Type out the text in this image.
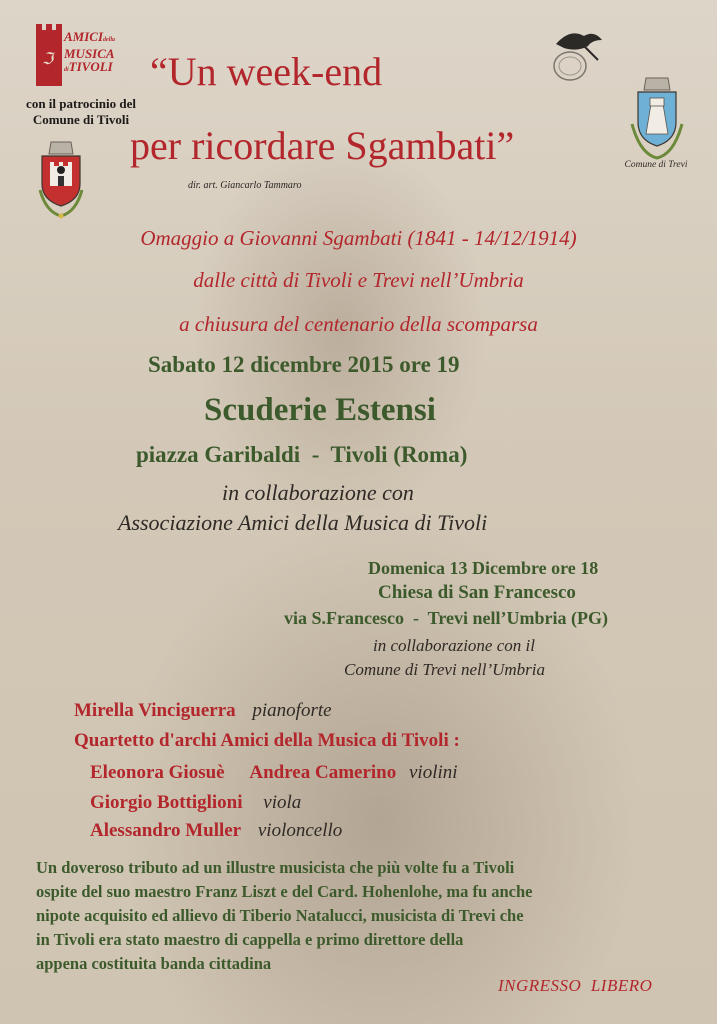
ℑ
AMICIdella
MUSICA
diTIVOLI
con il patrocinio del
Comune di Tivoli
Comune di Trevi
“Un week-end
per ricordare Sgambati”
dir. art. Giancarlo Tammaro
Omaggio a Giovanni Sgambati (1841 - 14/12/1914)
dalle città di Tivoli e Trevi nell’Umbria
a chiusura del centenario della scomparsa
Sabato 12 dicembre 2015 ore 19
Scuderie Estensi
piazza Garibaldi  -  Tivoli (Roma)
in collaborazione con
Associazione Amici della Musica di Tivoli
Domenica 13 Dicembre ore 18
Chiesa di San Francesco
via S.Francesco  -  Trevi nell’Umbria (PG)
in collaborazione con il
Comune di Trevi nell’Umbria
Mirella Vinciguerra pianoforte
Quartetto d'archi Amici della Musica di Tivoli :
Eleonora Giosuè Andrea Camerino violini
Giorgio Bottiglioni viola
Alessandro Muller violoncello
Un doveroso tributo ad un illustre musicista che più volte fu a Tivoli
ospite del suo maestro Franz Liszt e del Card. Hohenlohe, ma fu anche
nipote acquisito ed allievo di Tiberio Natalucci, musicista di Trevi che
in Tivoli era stato maestro di cappella e primo direttore della
appena costituita banda cittadina
INGRESSO  LIBERO
